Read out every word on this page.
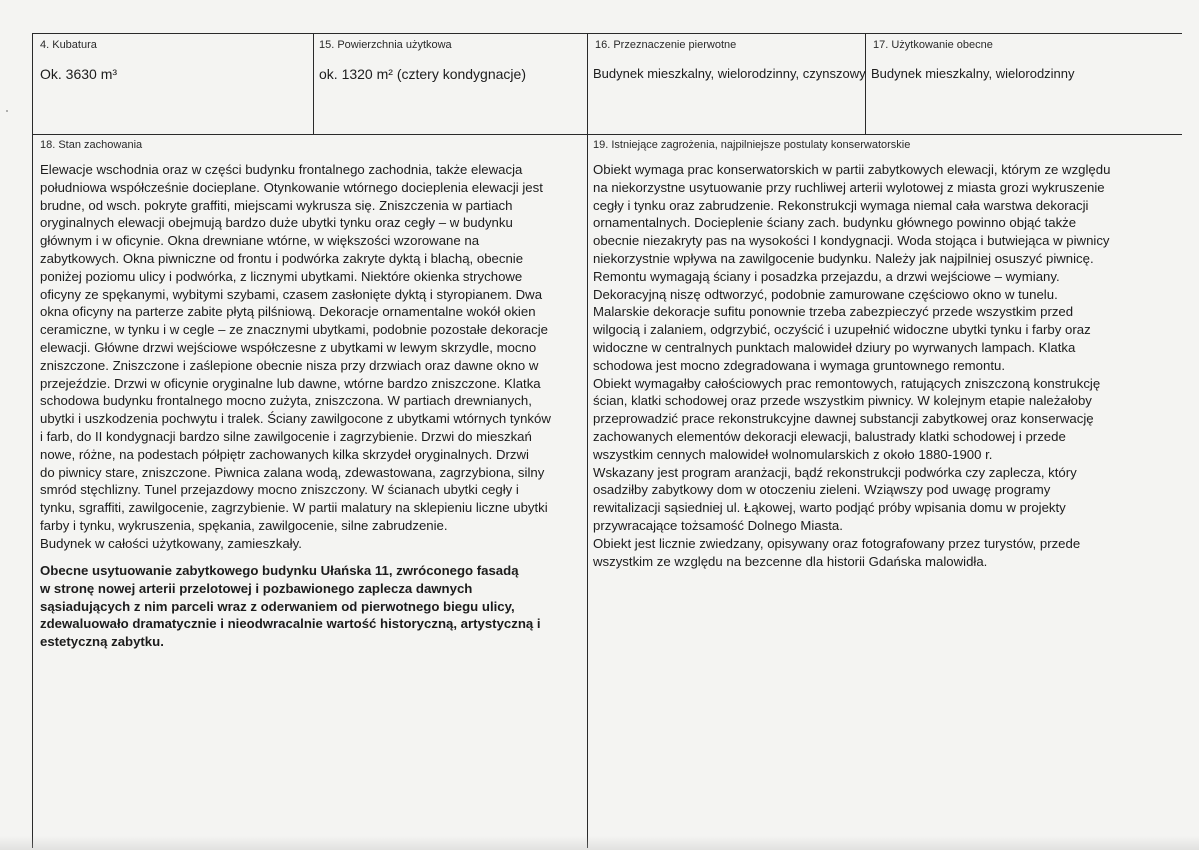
4. Kubatura
Ok. 3630 m³
15. Powierzchnia użytkowa
ok. 1320 m² (cztery kondygnacje)
16. Przeznaczenie pierwotne
Budynek mieszkalny, wielorodzinny, czynszowy
17. Użytkowanie obecne
Budynek mieszkalny, wielorodzinny
18. Stan zachowania

Elewacje wschodnia oraz w części budynku frontalnego zachodnia, także elewacja
południowa współcześnie docieplane. Otynkowanie wtórnego docieplenia elewacji jest
brudne, od wsch. pokryte graffiti, miejscami wykrusza się. Zniszczenia w partiach
oryginalnych elewacji obejmują bardzo duże ubytki tynku oraz cegły – w budynku
głównym i w oficynie. Okna drewniane wtórne, w większości wzorowane na
zabytkowych. Okna piwniczne od frontu i podwórka zakryte dyktą i blachą, obecnie
poniżej poziomu ulicy i podwórka, z licznymi ubytkami. Niektóre okienka strychowe
oficyny ze spękanymi, wybitymi szybami, czasem zasłonięte dyktą i styropianem. Dwa
okna oficyny na parterze zabite płytą pilśniową. Dekoracje ornamentalne wokół okien
ceramiczne, w tynku i w cegle – ze znacznymi ubytkami, podobnie pozostałe dekoracje
elewacji. Główne drzwi wejściowe współczesne z ubytkami w lewym skrzydle, mocno
zniszczone. Zniszczone i zaślepione obecnie nisza przy drzwiach oraz dawne okno w
przejeździe. Drzwi w oficynie oryginalne lub dawne, wtórne bardzo zniszczone. Klatka
schodowa budynku frontalnego mocno zużyta, zniszczona. W partiach drewnianych,
ubytki i uszkodzenia pochwytu i tralek. Ściany zawilgocone z ubytkami wtórnych tynków
i farb, do II kondygnacji bardzo silne zawilgocenie i zagrzybienie. Drzwi do mieszkań
nowe, różne, na podestach półpiętr zachowanych kilka skrzydeł oryginalnych. Drzwi
do piwnicy stare, zniszczone. Piwnica zalana wodą, zdewastowana, zagrzybiona, silny
smród stęchlizny. Tunel przejazdowy mocno zniszczony. W ścianach ubytki cegły i
tynku, sgraffiti, zawilgocenie, zagrzybienie. W partii malatury na sklepieniu liczne ubytki
farby i tynku, wykruszenia, spękania, zawilgocenie, silne zabrudzenie.
Budynek w całości użytkowany, zamieszkały.

Obecne usytuowanie zabytkowego budynku Ułańska 11, zwróconego fasadą
w stronę nowej arterii przelotowej i pozbawionego zaplecza dawnych
sąsiadujących z nim parceli wraz z oderwaniem od pierwotnego biegu ulicy,
zdewaluowało dramatycznie i nieodwracalnie wartość historyczną, artystyczną i
estetyczną zabytku.

19. Istniejące zagrożenia, najpilniejsze postulaty konserwatorskie

Obiekt wymaga prac konserwatorskich w partii zabytkowych elewacji, którym ze względu
na niekorzystne usytuowanie przy ruchliwej arterii wylotowej z miasta grozi wykruszenie
cegły i tynku oraz zabrudzenie. Rekonstrukcji wymaga niemal cała warstwa dekoracji
ornamentalnych. Docieplenie ściany zach. budynku głównego powinno objąć także
obecnie niezakryty pas na wysokości I kondygnacji. Woda stojąca i butwiejąca w piwnicy
niekorzystnie wpływa na zawilgocenie budynku. Należy jak najpilniej osuszyć piwnicę.
Remontu wymagają ściany i posadzka przejazdu, a drzwi wejściowe – wymiany.
Dekoracyjną niszę odtworzyć, podobnie zamurowane częściowo okno w tunelu.
Malarskie dekoracje sufitu ponownie trzeba zabezpieczyć przede wszystkim przed
wilgocią i zalaniem, odgrzybić, oczyścić i uzupełnić widoczne ubytki tynku i farby oraz
widoczne w centralnych punktach malowideł dziury po wyrwanych lampach. Klatka
schodowa jest mocno zdegradowana i wymaga gruntownego remontu.
Obiekt wymagałby całościowych prac remontowych, ratujących zniszczoną konstrukcję
ścian, klatki schodowej oraz przede wszystkim piwnicy. W kolejnym etapie należałoby
przeprowadzić prace rekonstrukcyjne dawnej substancji zabytkowej oraz konserwację
zachowanych elementów dekoracji elewacji, balustrady klatki schodowej i przede
wszystkim cennych malowideł wolnomularskich z około 1880-1900 r.
Wskazany jest program aranżacji, bądź rekonstrukcji podwórka czy zaplecza, który
osadziłby zabytkowy dom w otoczeniu zieleni. Wziąwszy pod uwagę programy
rewitalizacji sąsiedniej ul. Łąkowej, warto podjąć próby wpisania domu w projekty
przywracające tożsamość Dolnego Miasta.
Obiekt jest licznie zwiedzany, opisywany oraz fotografowany przez turystów, przede
wszystkim ze względu na bezcenne dla historii Gdańska malowidła.
